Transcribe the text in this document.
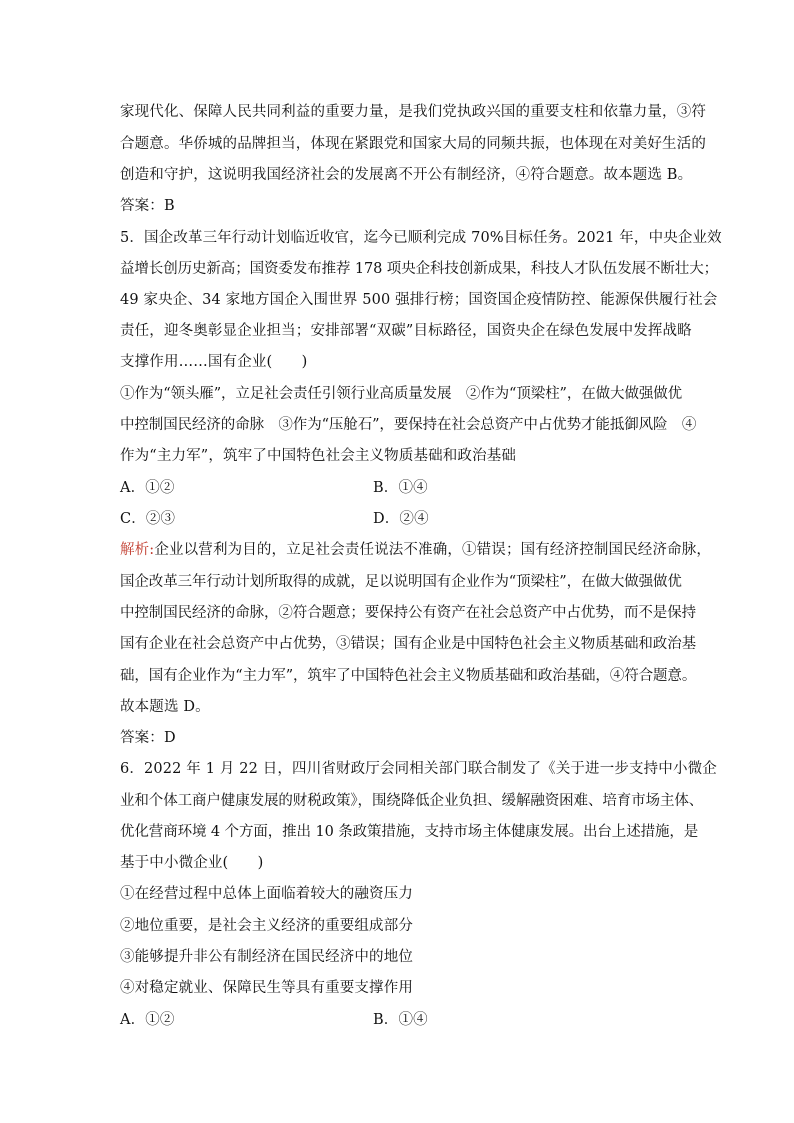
家现代化、保障人民共同利益的重要力量，是我们党执政兴国的重要支柱和依靠力量，③符
合题意。华侨城的品牌担当，体现在紧跟党和国家大局的同频共振，也体现在对美好生活的
创造和守护，这说明我国经济社会的发展离不开公有制经济，④符合题意。故本题选 B。
答案：B
5．国企改革三年行动计划临近收官，迄今已顺利完成 70%目标任务。2021 年，中央企业效
益增长创历史新高；国资委发布推荐 178 项央企科技创新成果，科技人才队伍发展不断壮大；
49 家央企、34 家地方国企入围世界 500 强排行榜；国资国企疫情防控、能源保供履行社会
责任，迎冬奥彰显企业担当；安排部署“双碳”目标路径，国资央企在绿色发展中发挥战略
支撑作用……国有企业(　　)
①作为“领头雁”，立足社会责任引领行业高质量发展　②作为“顶梁柱”，在做大做强做优
中控制国民经济的命脉　③作为“压舱石”，要保持在社会总资产中占优势才能抵御风险　④
作为“主力军”，筑牢了中国特色社会主义物质基础和政治基础
A．①②	B．①④
C．②③	D．②④
解析:企业以营利为目的，立足社会责任说法不准确，①错误；国有经济控制国民经济命脉，
国企改革三年行动计划所取得的成就，足以说明国有企业作为“顶梁柱”，在做大做强做优
中控制国民经济的命脉，②符合题意；要保持公有资产在社会总资产中占优势，而不是保持
国有企业在社会总资产中占优势，③错误；国有企业是中国特色社会主义物质基础和政治基
础，国有企业作为“主力军”，筑牢了中国特色社会主义物质基础和政治基础，④符合题意。
故本题选 D。
答案：D
6．2022 年 1 月 22 日，四川省财政厅会同相关部门联合制发了《关于进一步支持中小微企
业和个体工商户健康发展的财税政策》，围绕降低企业负担、缓解融资困难、培育市场主体、
优化营商环境 4 个方面，推出 10 条政策措施，支持市场主体健康发展。出台上述措施，是
基于中小微企业(　　)
①在经营过程中总体上面临着较大的融资压力
②地位重要，是社会主义经济的重要组成部分
③能够提升非公有制经济在国民经济中的地位
④对稳定就业、保障民生等具有重要支撑作用
A．①②	B．①④
